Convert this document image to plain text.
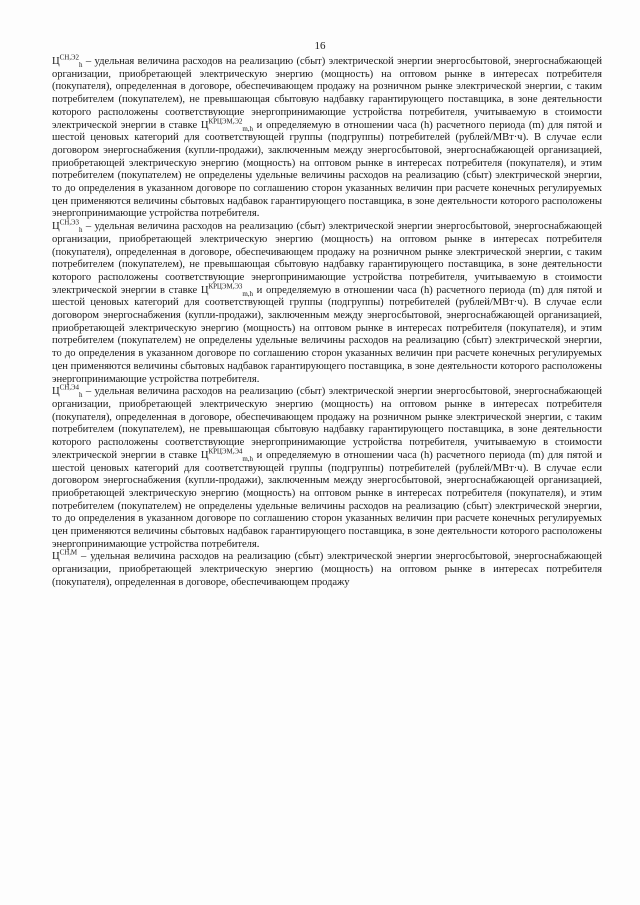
16

$Ц^{СН,Э2}_h$ – удельная величина расходов на реализацию (сбыт) электрической энергии энергосбытовой, энергоснабжающей организации, приобретающей электрическую энергию (мощность) на оптовом рынке в интересах потребителя (покупателя), определенная в договоре, обеспечивающем продажу на розничном рынке электрической энергии, с таким потребителем (покупателем), не превышающая сбытовую надбавку гарантирующего поставщика, в зоне деятельности которого расположены соответствующие энергопринимающие устройства потребителя, учитываемую в стоимости электрической энергии в ставке $Ц^{КРЦЭМ,Э2}_{m,h}$ и определяемую в отношении часа (h) расчетного периода (m) для пятой и шестой ценовых категорий для соответствующей группы (подгруппы) потребителей (рублей/МВт·ч). В случае если договором энергоснабжения (купли-продажи), заключенным между энергосбытовой, энергоснабжающей организацией, приобретающей электрическую энергию (мощность) на оптовом рынке в интересах потребителя (покупателя), и этим потребителем (покупателем) не определены удельные величины расходов на реализацию (сбыт) электрической энергии, то до определения в указанном договоре по соглашению сторон указанных величин при расчете конечных регулируемых цен применяются величины сбытовых надбавок гарантирующего поставщика, в зоне деятельности которого расположены энергопринимающие устройства потребителя.

$Ц^{СН,Э3}_h$ – удельная величина расходов на реализацию (сбыт) электрической энергии энергосбытовой, энергоснабжающей организации, приобретающей электрическую энергию (мощность) на оптовом рынке в интересах потребителя (покупателя), определенная в договоре, обеспечивающем продажу на розничном рынке электрической энергии, с таким потребителем (покупателем), не превышающая сбытовую надбавку гарантирующего поставщика, в зоне деятельности которого расположены соответствующие энергопринимающие устройства потребителя, учитываемую в стоимости электрической энергии в ставке $Ц^{КРЦЭМ,Э3}_{m,h}$ и определяемую в отношении часа (h) расчетного периода (m) для пятой и шестой ценовых категорий для соответствующей группы (подгруппы) потребителей (рублей/МВт·ч). В случае если договором энергоснабжения (купли-продажи), заключенным между энергосбытовой, энергоснабжающей организацией, приобретающей электрическую энергию (мощность) на оптовом рынке в интересах потребителя (покупателя), и этим потребителем (покупателем) не определены удельные величины расходов на реализацию (сбыт) электрической энергии, то до определения в указанном договоре по соглашению сторон указанных величин при расчете конечных регулируемых цен применяются величины сбытовых надбавок гарантирующего поставщика, в зоне деятельности которого расположены энергопринимающие устройства потребителя.

$Ц^{СН,Э4}_h$ – удельная величина расходов на реализацию (сбыт) электрической энергии энергосбытовой, энергоснабжающей организации, приобретающей электрическую энергию (мощность) на оптовом рынке в интересах потребителя (покупателя), определенная в договоре, обеспечивающем продажу на розничном рынке электрической энергии, с таким потребителем (покупателем), не превышающая сбытовую надбавку гарантирующего поставщика, в зоне деятельности которого расположены соответствующие энергопринимающие устройства потребителя, учитываемую в стоимости электрической энергии в ставке $Ц^{КРЦЭМ,Э4}_{m,h}$ и определяемую в отношении часа (h) расчетного периода (m) для пятой и шестой ценовых категорий для соответствующей группы (подгруппы) потребителей (рублей/МВт·ч). В случае если договором энергоснабжения (купли-продажи), заключенным между энергосбытовой, энергоснабжающей организацией, приобретающей электрическую энергию (мощность) на оптовом рынке в интересах потребителя (покупателя), и этим потребителем (покупателем) не определены удельные величины расходов на реализацию (сбыт) электрической энергии, то до определения в указанном договоре по соглашению сторон указанных величин при расчете конечных регулируемых цен применяются величины сбытовых надбавок гарантирующего поставщика, в зоне деятельности которого расположены энергопринимающие устройства потребителя.

$Ц^{СН,М}$ – удельная величина расходов на реализацию (сбыт) электрической энергии энергосбытовой, энергоснабжающей организации, приобретающей электрическую энергию (мощность) на оптовом рынке в интересах потребителя (покупателя), определенная в договоре, обеспечивающем продажу
